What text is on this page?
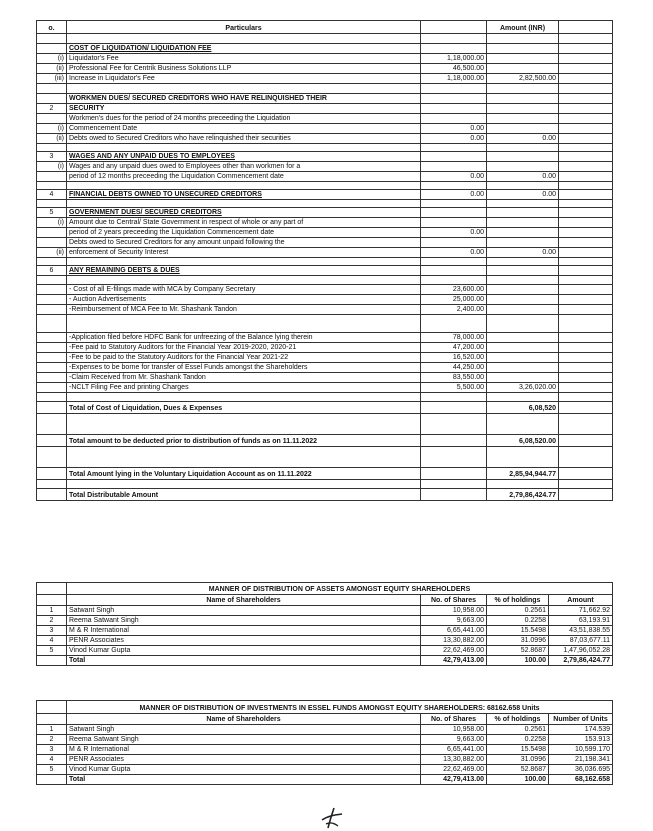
o.	Particulars		Amount (INR)	

	COST OF LIQUIDATION/ LIQUIDATION FEE			
(i)	Liquidator's Fee	1,18,000.00		
(ii)	Professional Fee for Centrik Business Solutions LLP	46,500.00		
(iii)	Increase in Liquidator's Fee	1,18,000.00	2,82,500.00	

	WORKMEN DUES/ SECURED CREDITORS WHO HAVE RELINQUISHED THEIR			
2	SECURITY			
	Workmen's dues for the period of 24 months preceeding the Liquidation			
(i)	Commencement Date	0.00		
(ii)	Debts owed to Secured Creditors who have relinquished their securities	0.00	0.00	

3	WAGES AND ANY UNPAID DUES TO EMPLOYEES			
(i)	Wages and any unpaid dues owed to Employees other than workmen for a			
	period of 12 months preceeding the Liquidation Commencement date	0.00	0.00	

4	FINANCIAL DEBTS OWNED TO UNSECURED CREDITORS	0.00	0.00	

5	GOVERNMENT DUES/ SECURED CREDITORS			
(i)	Amount due to Central/ State Government in respect of whole or any part of			
	period of 2 years preceeding the Liquidation Commencement date	0.00		
	Debts owed to Secured Creditors for any amount unpaid following the			
(ii)	enforcement of Security Interest	0.00	0.00	

6	ANY REMAINING DEBTS & DUES			

	- Cost of all E-filings made with MCA by Company Secretary	23,600.00		
	- Auction Advertisements	25,000.00		
	-Reimbursement of MCA Fee to Mr. Shashank Tandon	2,400.00		

	-Application filed before HDFC Bank for unfreezing of the Balance lying therein	78,000.00		
	-Fee paid to Statutory Auditors for the Financial Year 2019-2020, 2020-21	47,200.00		
	-Fee to be paid to the Statutory Auditors for the Financial Year 2021-22	16,520.00		
	-Expenses to be borne for transfer of Essel Funds amongst the Shareholders	44,250.00		
	-Claim Received from Mr. Shashank Tandon	83,550.00		
	-NCLT Filing Fee and printing Charges	5,500.00	3,26,020.00	

	Total of Cost of Liquidation, Dues & Expenses		6,08,520	

	Total amount to be deducted prior to distribution of funds as on 11.11.2022		6,08,520.00	

	Total Amount lying in the Voluntary Liquidation Account as on 11.11.2022		2,85,94,944.77	

	Total Distributable Amount		2,79,86,424.77	
	MANNER OF DISTRIBUTION OF ASSETS AMONGST EQUITY SHAREHOLDERS			
	Name of Shareholders	No. of Shares	% of holdings	Amount
1	Satwant Singh	10,958.00	0.2561	71,662.92
2	Reema Satwant Singh	9,663.00	0.2258	63,193.91
3	M & R International	6,65,441.00	15.5498	43,51,838.55
4	PENR Associates	13,30,882.00	31.0996	87,03,677.11
5	Vinod Kumar Gupta	22,62,469.00	52.8687	1,47,96,052.28
	Total	42,79,413.00	100.00	2,79,86,424.77
	MANNER OF DISTRIBUTION OF INVESTMENTS IN ESSEL FUNDS AMONGST EQUITY SHAREHOLDERS: 68162.658 Units			
	Name of Shareholders	No. of Shares	% of holdings	Number of Units
1	Satwant Singh	10,958.00	0.2561	174.539
2	Reema Satwant Singh	9,663.00	0.2258	153.913
3	M & R International	6,65,441.00	15.5498	10,599.170
4	PENR Associates	13,30,882.00	31.0996	21,198.341
5	Vinod Kumar Gupta	22,62,469.00	52.8687	36,036.695
	Total	42,79,413.00	100.00	68,162.658
